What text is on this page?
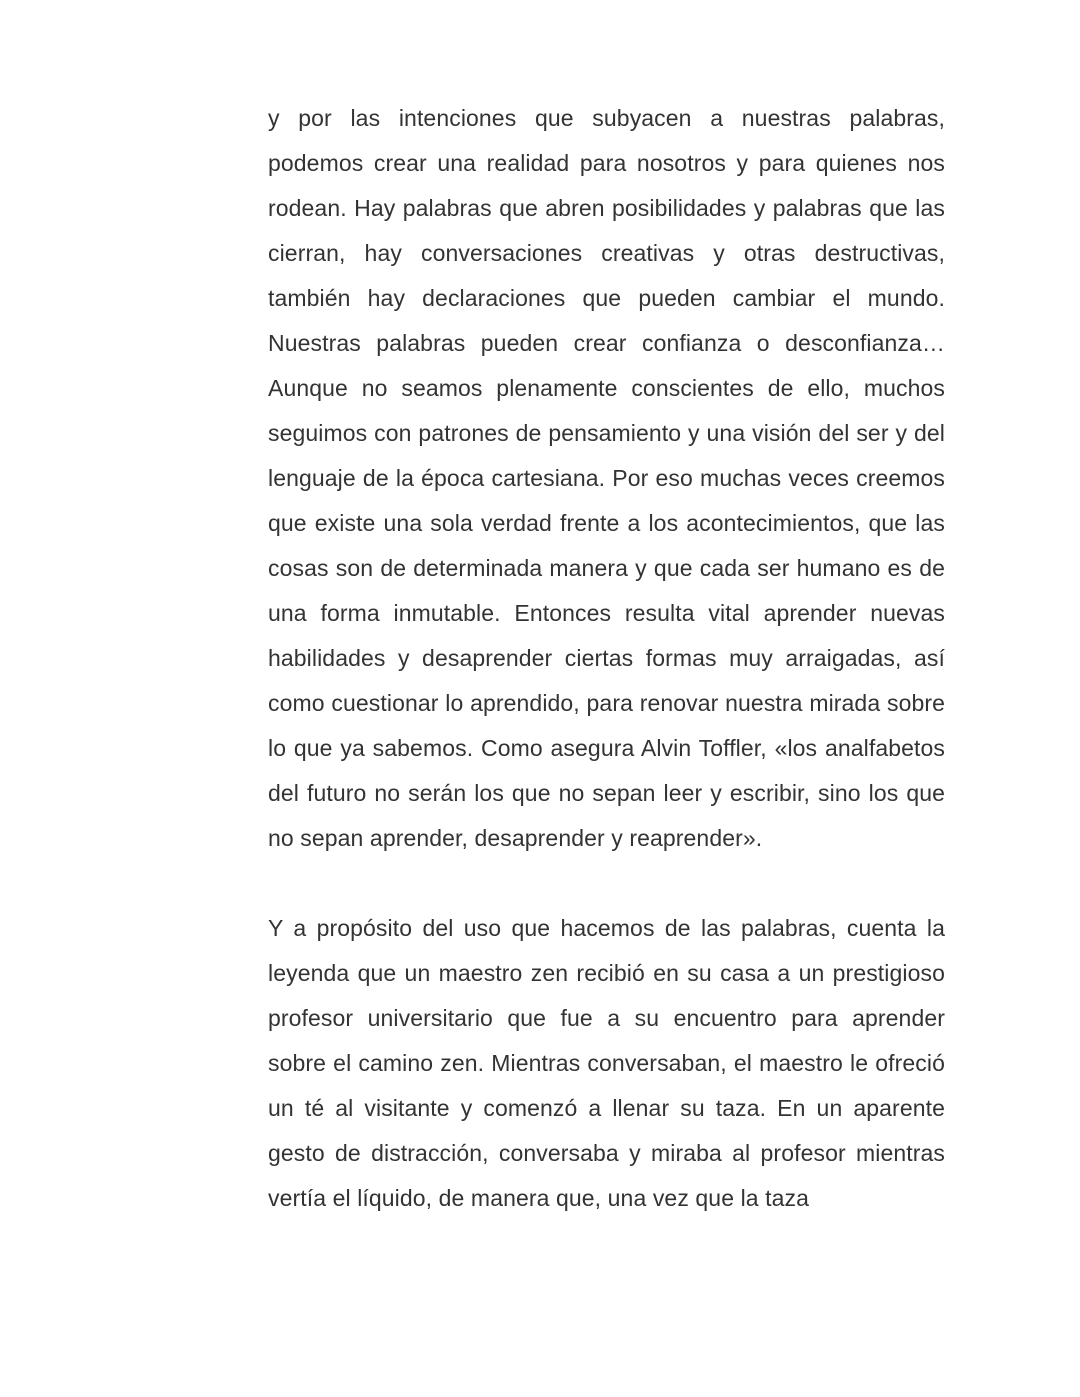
y por las intenciones que subyacen a nuestras palabras, podemos crear una realidad para nosotros y para quienes nos rodean. Hay palabras que abren posibilidades y palabras que las cierran, hay conversaciones creativas y otras destructivas, también hay declaraciones que pueden cambiar el mundo. Nuestras palabras pueden crear confianza o desconfianza… Aunque no seamos plenamente conscientes de ello, muchos seguimos con patrones de pensamiento y una visión del ser y del lenguaje de la época cartesiana. Por eso muchas veces creemos que existe una sola verdad frente a los acontecimientos, que las cosas son de determinada manera y que cada ser humano es de una forma inmutable. Entonces resulta vital aprender nuevas habilidades y desaprender ciertas formas muy arraigadas, así como cuestionar lo aprendido, para renovar nuestra mirada sobre lo que ya sabemos. Como asegura Alvin Toffler, «los analfabetos del futuro no serán los que no sepan leer y escribir, sino los que no sepan aprender, desaprender y reaprender».

Y a propósito del uso que hacemos de las palabras, cuenta la leyenda que un maestro zen recibió en su casa a un prestigioso profesor universitario que fue a su encuentro para aprender sobre el camino zen. Mientras conversaban, el maestro le ofreció un té al visitante y comenzó a llenar su taza. En un aparente gesto de distracción, conversaba y miraba al profesor mientras vertía el líquido, de manera que, una vez que la taza
